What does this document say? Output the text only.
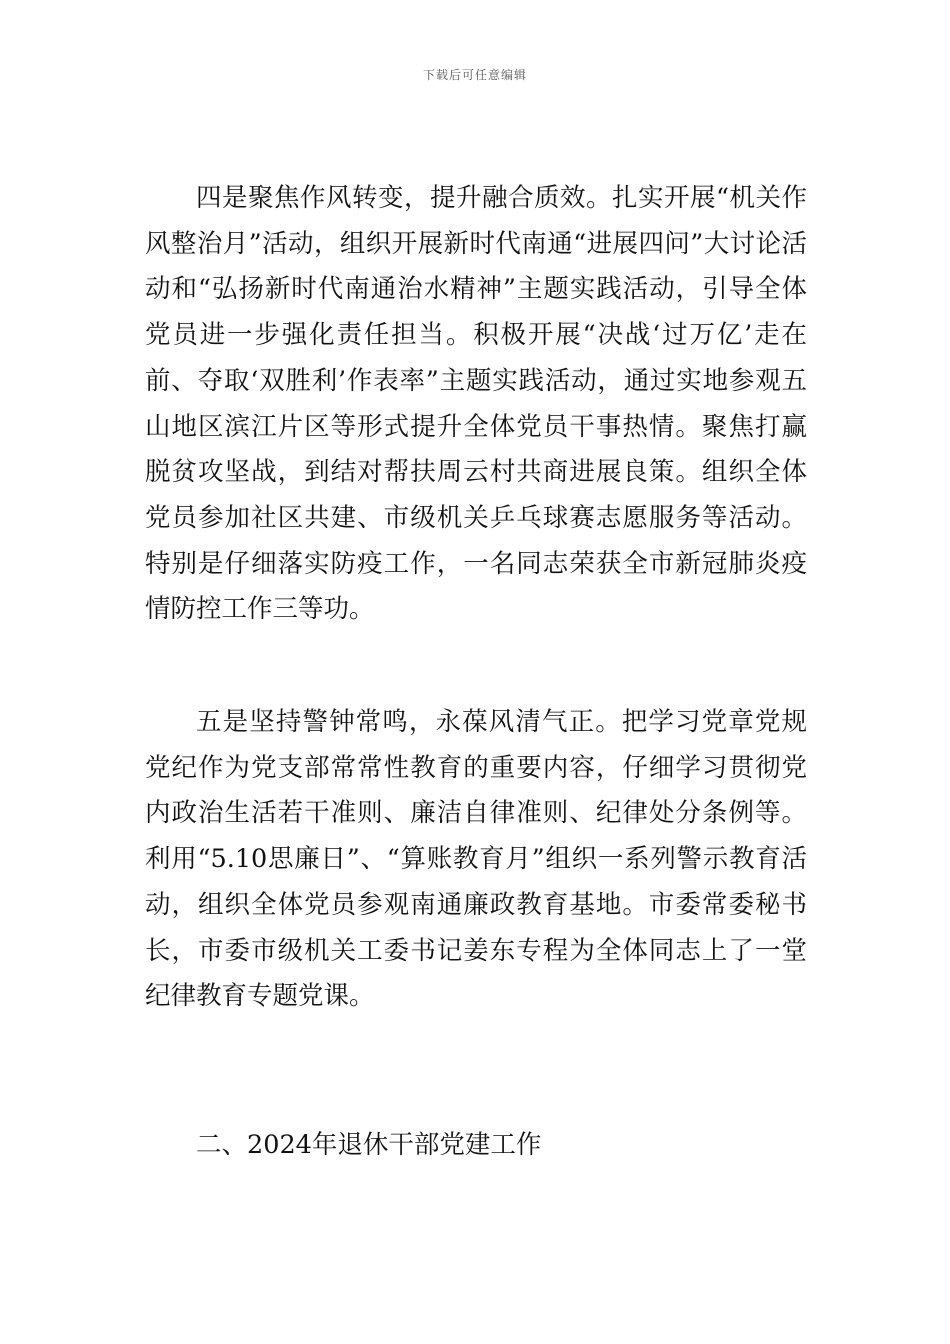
下载后可任意编辑

四是聚焦作风转变，提升融合质效。扎实开展“机关作风整治月”活动，组织开展新时代南通“进展四问”大讨论活动和“弘扬新时代南通治水精神”主题实践活动，引导全体党员进一步强化责任担当。积极开展“决战‘过万亿’走在前、夺取‘双胜利’作表率”主题实践活动，通过实地参观五山地区滨江片区等形式提升全体党员干事热情。聚焦打赢脱贫攻坚战，到结对帮扶周云村共商进展良策。组织全体党员参加社区共建、市级机关乒乓球赛志愿服务等活动。特别是仔细落实防疫工作，一名同志荣获全市新冠肺炎疫情防控工作三等功。

五是坚持警钟常鸣，永葆风清气正。把学习党章党规党纪作为党支部常常性教育的重要内容，仔细学习贯彻党内政治生活若干准则、廉洁自律准则、纪律处分条例等。利用“5.10思廉日”、“算账教育月”组织一系列警示教育活动，组织全体党员参观南通廉政教育基地。市委常委秘书长，市委市级机关工委书记姜东专程为全体同志上了一堂纪律教育专题党课。

二、2024年退休干部党建工作
